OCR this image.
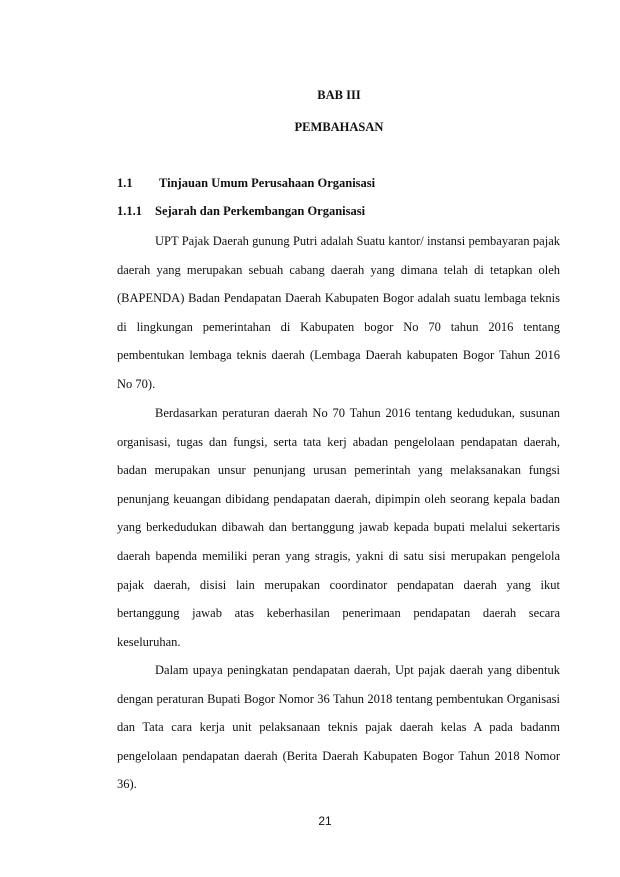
BAB III
PEMBAHASAN
1.1 Tinjauan Umum Perusahaan Organisasi
1.1.1 Sejarah dan Perkembangan Organisasi

UPT Pajak Daerah gunung Putri adalah Suatu kantor/ instansi pembayaran pajak daerah yang merupakan sebuah cabang daerah yang dimana telah di tetapkan oleh (BAPENDA) Badan Pendapatan Daerah Kabupaten Bogor adalah suatu lembaga teknis di lingkungan pemerintahan di Kabupaten bogor No 70 tahun 2016 tentang pembentukan lembaga teknis daerah (Lembaga Daerah kabupaten Bogor Tahun 2016 No 70).

Berdasarkan peraturan daerah No 70 Tahun 2016 tentang kedudukan, susunan organisasi, tugas dan fungsi, serta tata kerj abadan pengelolaan pendapatan daerah, badan merupakan unsur penunjang urusan pemerintah yang melaksanakan fungsi penunjang keuangan dibidang pendapatan daerah, dipimpin oleh seorang kepala badan yang berkedudukan dibawah dan bertanggung jawab kepada bupati melalui sekertaris daerah bapenda memiliki peran yang stragis, yakni di satu sisi merupakan pengelola pajak daerah, disisi lain merupakan coordinator pendapatan daerah yang ikut bertanggung jawab atas keberhasilan penerimaan pendapatan daerah secara keseluruhan.

Dalam upaya peningkatan pendapatan daerah, Upt pajak daerah yang dibentuk dengan peraturan Bupati Bogor Nomor 36 Tahun 2018 tentang pembentukan Organisasi dan Tata cara kerja unit pelaksanaan teknis pajak daerah kelas A pada badanm pengelolaan pendapatan daerah (Berita Daerah Kabupaten Bogor Tahun 2018 Nomor 36).

21
